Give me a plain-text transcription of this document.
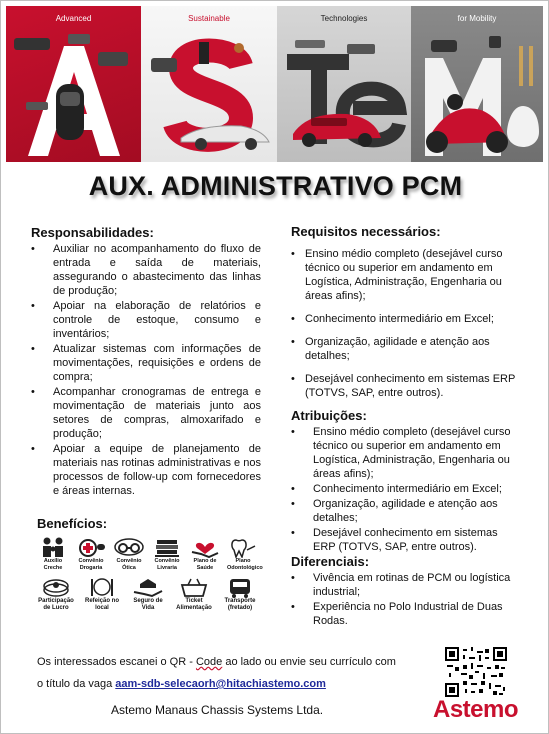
Advanced	Sustainable	Technologies	for Mobility
AUX. ADMINISTRATIVO PCM
Responsabilidades:
• Auxiliar no acompanhamento do fluxo de entrada e saída de materiais, assegurando o abastecimento das linhas de produção;
• Apoiar na elaboração de relatórios e controle de estoque, consumo e inventários;
• Atualizar sistemas com informações de movimentações, requisições e ordens de compra;
• Acompanhar cronogramas de entrega e movimentação de materiais junto aos setores de compras, almoxarifado e produção;
• Apoiar a equipe de planejamento de materiais nas rotinas administrativas e nos processos de follow-up com fornecedores e áreas internas.
Requisitos necessários:
• Ensino médio completo (desejável curso técnico ou superior em andamento em Logística, Administração, Engenharia ou áreas afins);
• Conhecimento intermediário em Excel;
• Organização, agilidade e atenção aos detalhes;
• Desejável conhecimento em sistemas ERP (TOTVS, SAP, entre outros).
Atribuições:
• Ensino médio completo (desejável curso técnico ou superior em andamento em Logística, Administração, Engenharia ou áreas afins);
• Conhecimento intermediário em Excel;
• Organização, agilidade e atenção aos detalhes;
• Desejável conhecimento em sistemas ERP (TOTVS, SAP, entre outros).
Diferenciais:
• Vivência em rotinas de PCM ou logística industrial;
• Experiência no Polo Industrial de Duas Rodas.
Benefícios:
Auxílio Creche
Convênio Drogaria
Convênio Ótica
Convênio Livraria
Plano de Saúde
Plano Odontológico
Participação de Lucro
Refeição no local
Seguro de Vida
Ticket Alimentação
Transporte (fretado)
Os interessados escanei o QR - Code ao lado ou envie seu currículo com
o título da vaga aam-sdb-selecaorh@hitachiastemo.com
Astemo Manaus Chassis Systems Ltda.	Astemo
